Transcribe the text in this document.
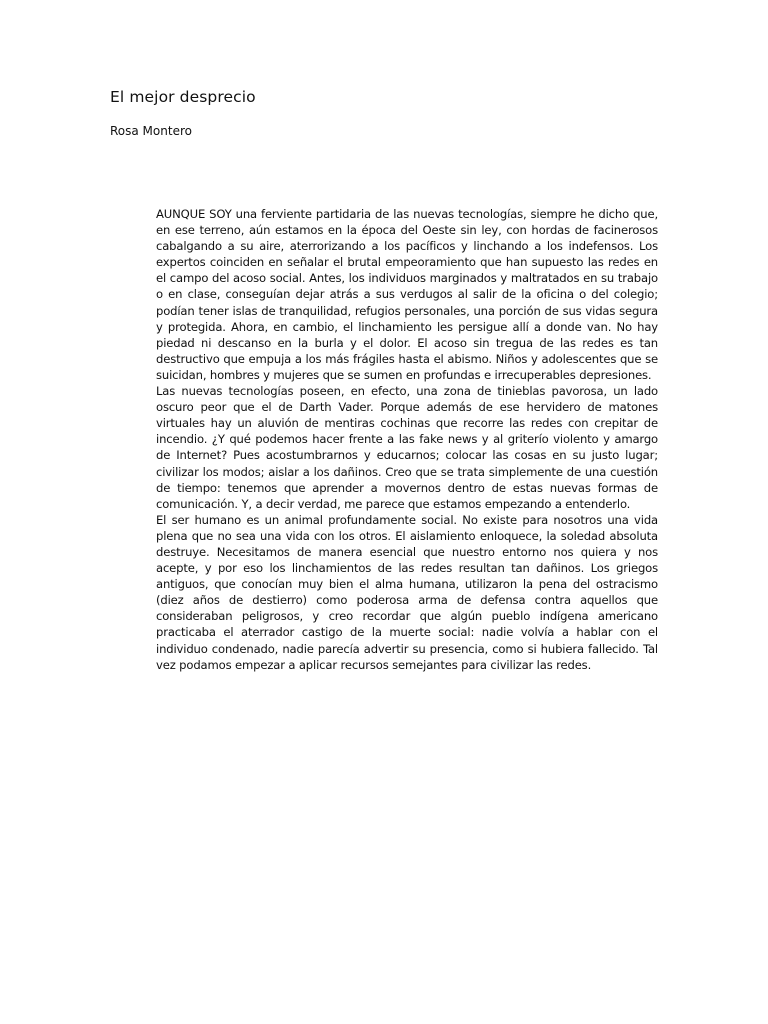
El mejor desprecio
Rosa Montero

AUNQUE SOY una ferviente partidaria de las nuevas tecnologías, siempre he dicho que, en ese terreno, aún estamos en la época del Oeste sin ley, con hordas de facinerosos cabalgando a su aire, aterrorizando a los pacíficos y linchando a los indefensos. Los expertos coinciden en señalar el brutal empeoramiento que han supuesto las redes en el campo del acoso social. Antes, los individuos marginados y maltratados en su trabajo o en clase, conseguían dejar atrás a sus verdugos al salir de la oficina o del colegio; podían tener islas de tranquilidad, refugios personales, una porción de sus vidas segura y protegida. Ahora, en cambio, el linchamiento les persigue allí a donde van. No hay piedad ni descanso en la burla y el dolor. El acoso sin tregua de las redes es tan destructivo que empuja a los más frágiles hasta el abismo. Niños y adolescentes que se suicidan, hombres y mujeres que se sumen en profundas e irrecuperables depresiones.

Las nuevas tecnologías poseen, en efecto, una zona de tinieblas pavorosa, un lado oscuro peor que el de Darth Vader. Porque además de ese hervidero de matones virtuales hay un aluvión de mentiras cochinas que recorre las redes con crepitar de incendio. ¿Y qué podemos hacer frente a las fake news y al griterío violento y amargo de Internet? Pues acostumbrarnos y educarnos; colocar las cosas en su justo lugar; civilizar los modos; aislar a los dañinos. Creo que se trata simplemente de una cuestión de tiempo: tenemos que aprender a movernos dentro de estas nuevas formas de comunicación. Y, a decir verdad, me parece que estamos empezando a entenderlo.

El ser humano es un animal profundamente social. No existe para nosotros una vida plena que no sea una vida con los otros. El aislamiento enloquece, la soledad absoluta destruye. Necesitamos de manera esencial que nuestro entorno nos quiera y nos acepte, y por eso los linchamientos de las redes resultan tan dañinos. Los griegos antiguos, que conocían muy bien el alma humana, utilizaron la pena del ostracismo (diez años de destierro) como poderosa arma de defensa contra aquellos que consideraban peligrosos, y creo recordar que algún pueblo indígena americano practicaba el aterrador castigo de la muerte social: nadie volvía a hablar con el individuo condenado, nadie parecía advertir su presencia, como si hubiera fallecido. Tal vez podamos empezar a aplicar recursos semejantes para civilizar las redes.
